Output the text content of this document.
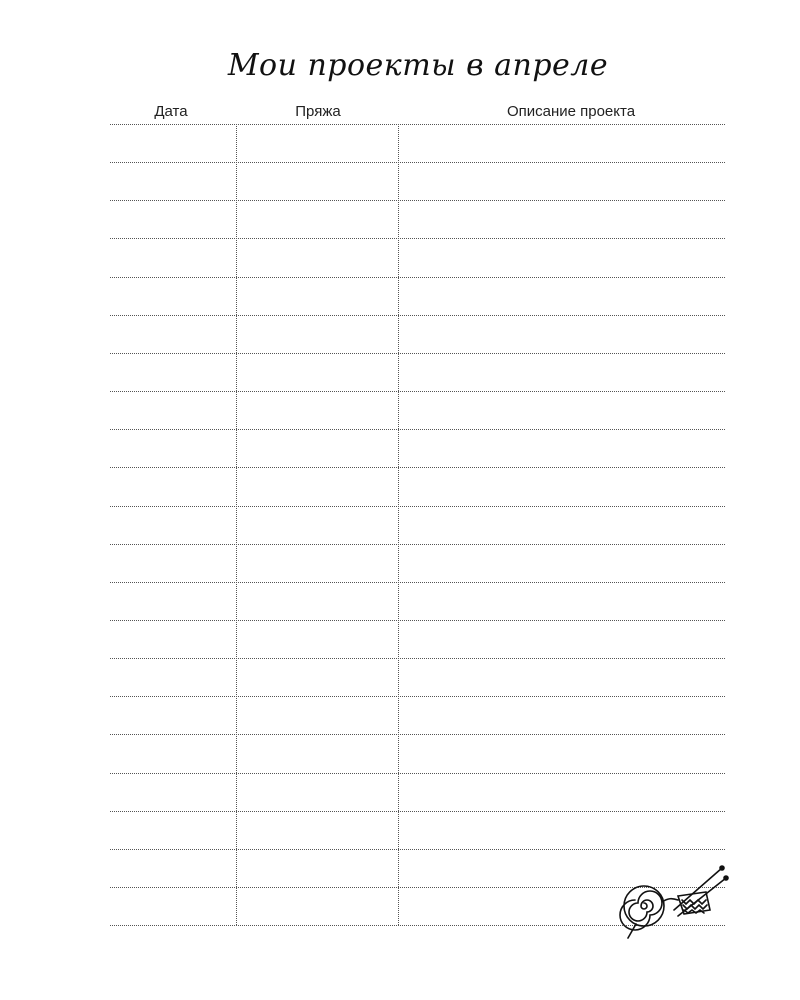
Мои проекты в апреле
Дата	Пряжа	Описание проекта
